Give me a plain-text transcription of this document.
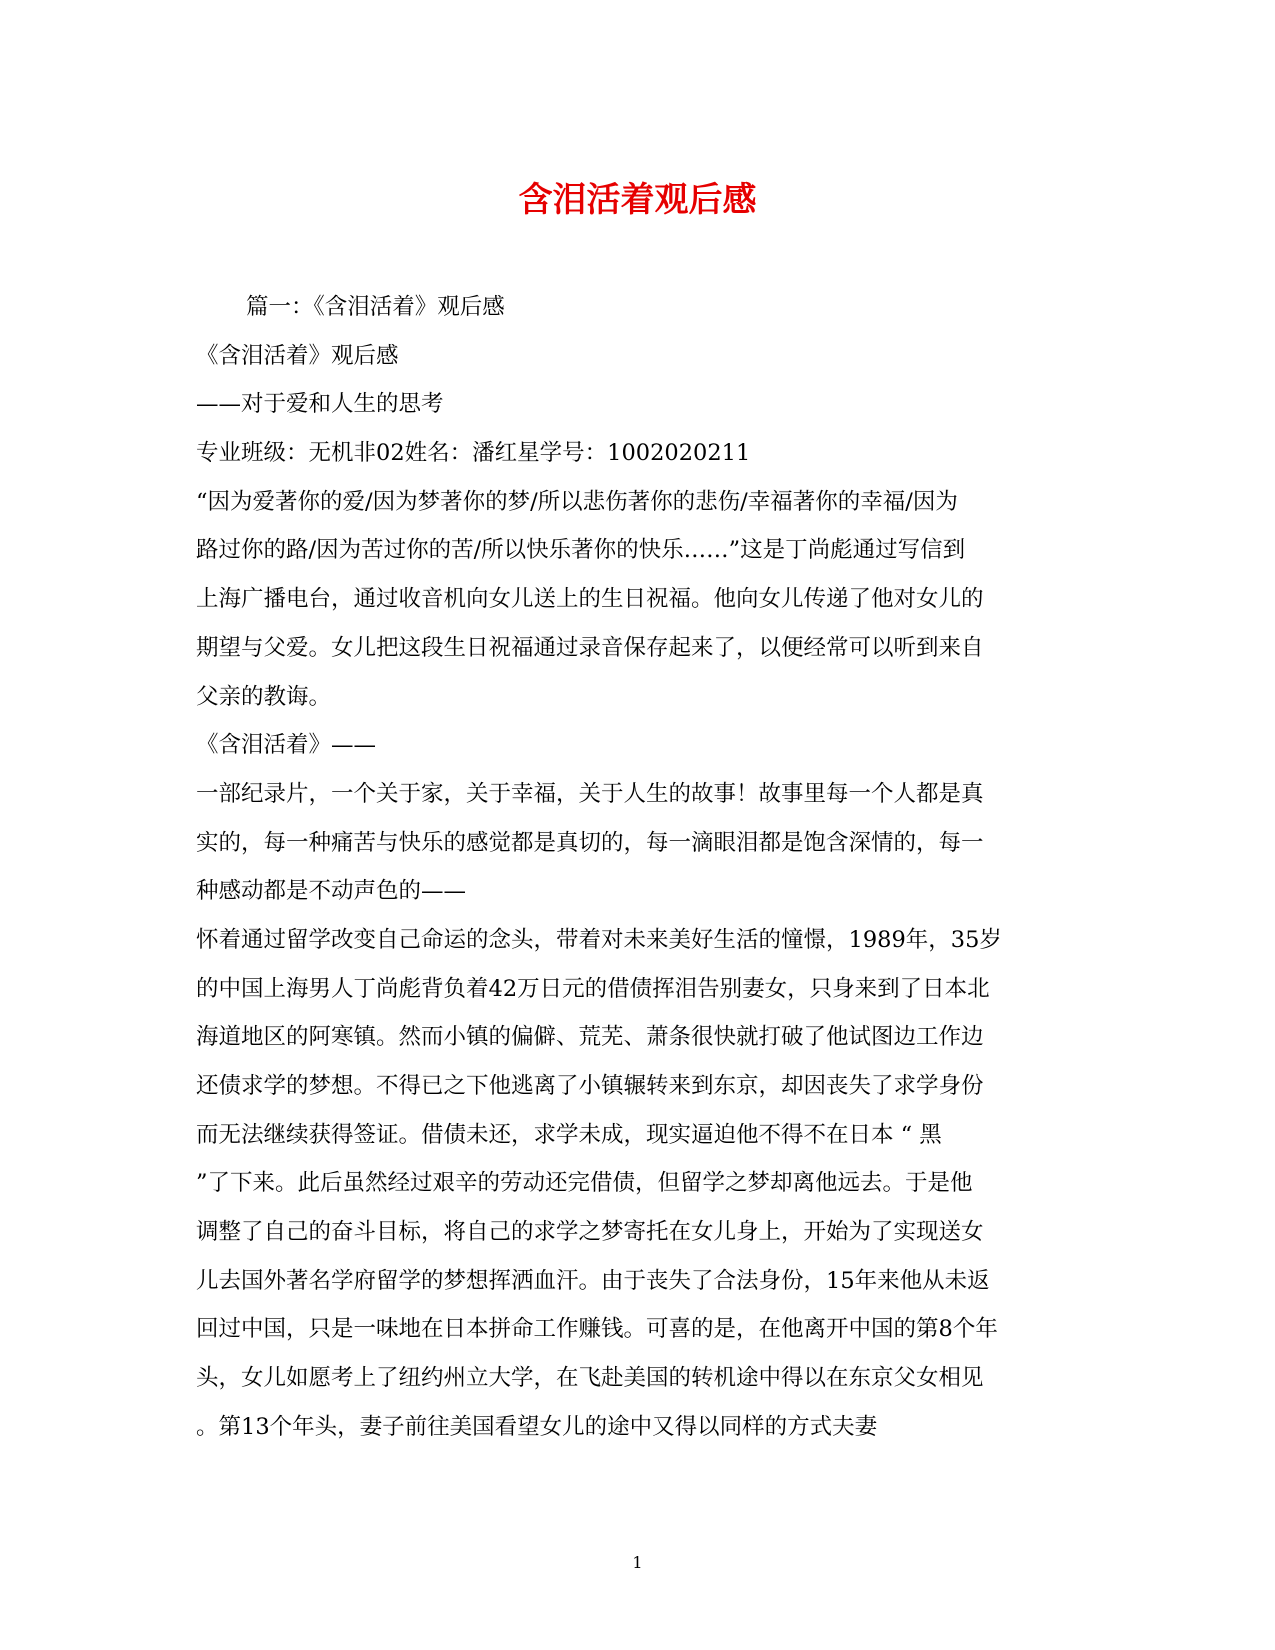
含泪活着观后感
篇一：《含泪活着》观后感
《含泪活着》观后感
——对于爱和人生的思考
专业班级：无机非02姓名：潘红星学号：1002020211
“因为爱著你的爱/因为梦著你的梦/所以悲伤著你的悲伤/幸福著你的幸福/因为
路过你的路/因为苦过你的苦/所以快乐著你的快乐……”这是丁尚彪通过写信到
上海广播电台，通过收音机向女儿送上的生日祝福。他向女儿传递了他对女儿的
期望与父爱。女儿把这段生日祝福通过录音保存起来了，以便经常可以听到来自
父亲的教诲。
《含泪活着》——
一部纪录片，一个关于家，关于幸福，关于人生的故事！故事里每一个人都是真
实的，每一种痛苦与快乐的感觉都是真切的，每一滴眼泪都是饱含深情的，每一
种感动都是不动声色的——
怀着通过留学改变自己命运的念头，带着对未来美好生活的憧憬，1989年，35岁
的中国上海男人丁尚彪背负着42万日元的借债挥泪告别妻女，只身来到了日本北
海道地区的阿寒镇。然而小镇的偏僻、荒芜、萧条很快就打破了他试图边工作边
还债求学的梦想。不得已之下他逃离了小镇辗转来到东京，却因丧失了求学身份
而无法继续获得签证。借债未还，求学未成，现实逼迫他不得不在日本 “ 黑
”了下来。此后虽然经过艰辛的劳动还完借债，但留学之梦却离他远去。于是他
调整了自己的奋斗目标，将自己的求学之梦寄托在女儿身上，开始为了实现送女
儿去国外著名学府留学的梦想挥洒血汗。由于丧失了合法身份，15年来他从未返
回过中国，只是一味地在日本拼命工作赚钱。可喜的是，在他离开中国的第8个年
头，女儿如愿考上了纽约州立大学，在飞赴美国的转机途中得以在东京父女相见
。第13个年头，妻子前往美国看望女儿的途中又得以同样的方式夫妻
1
